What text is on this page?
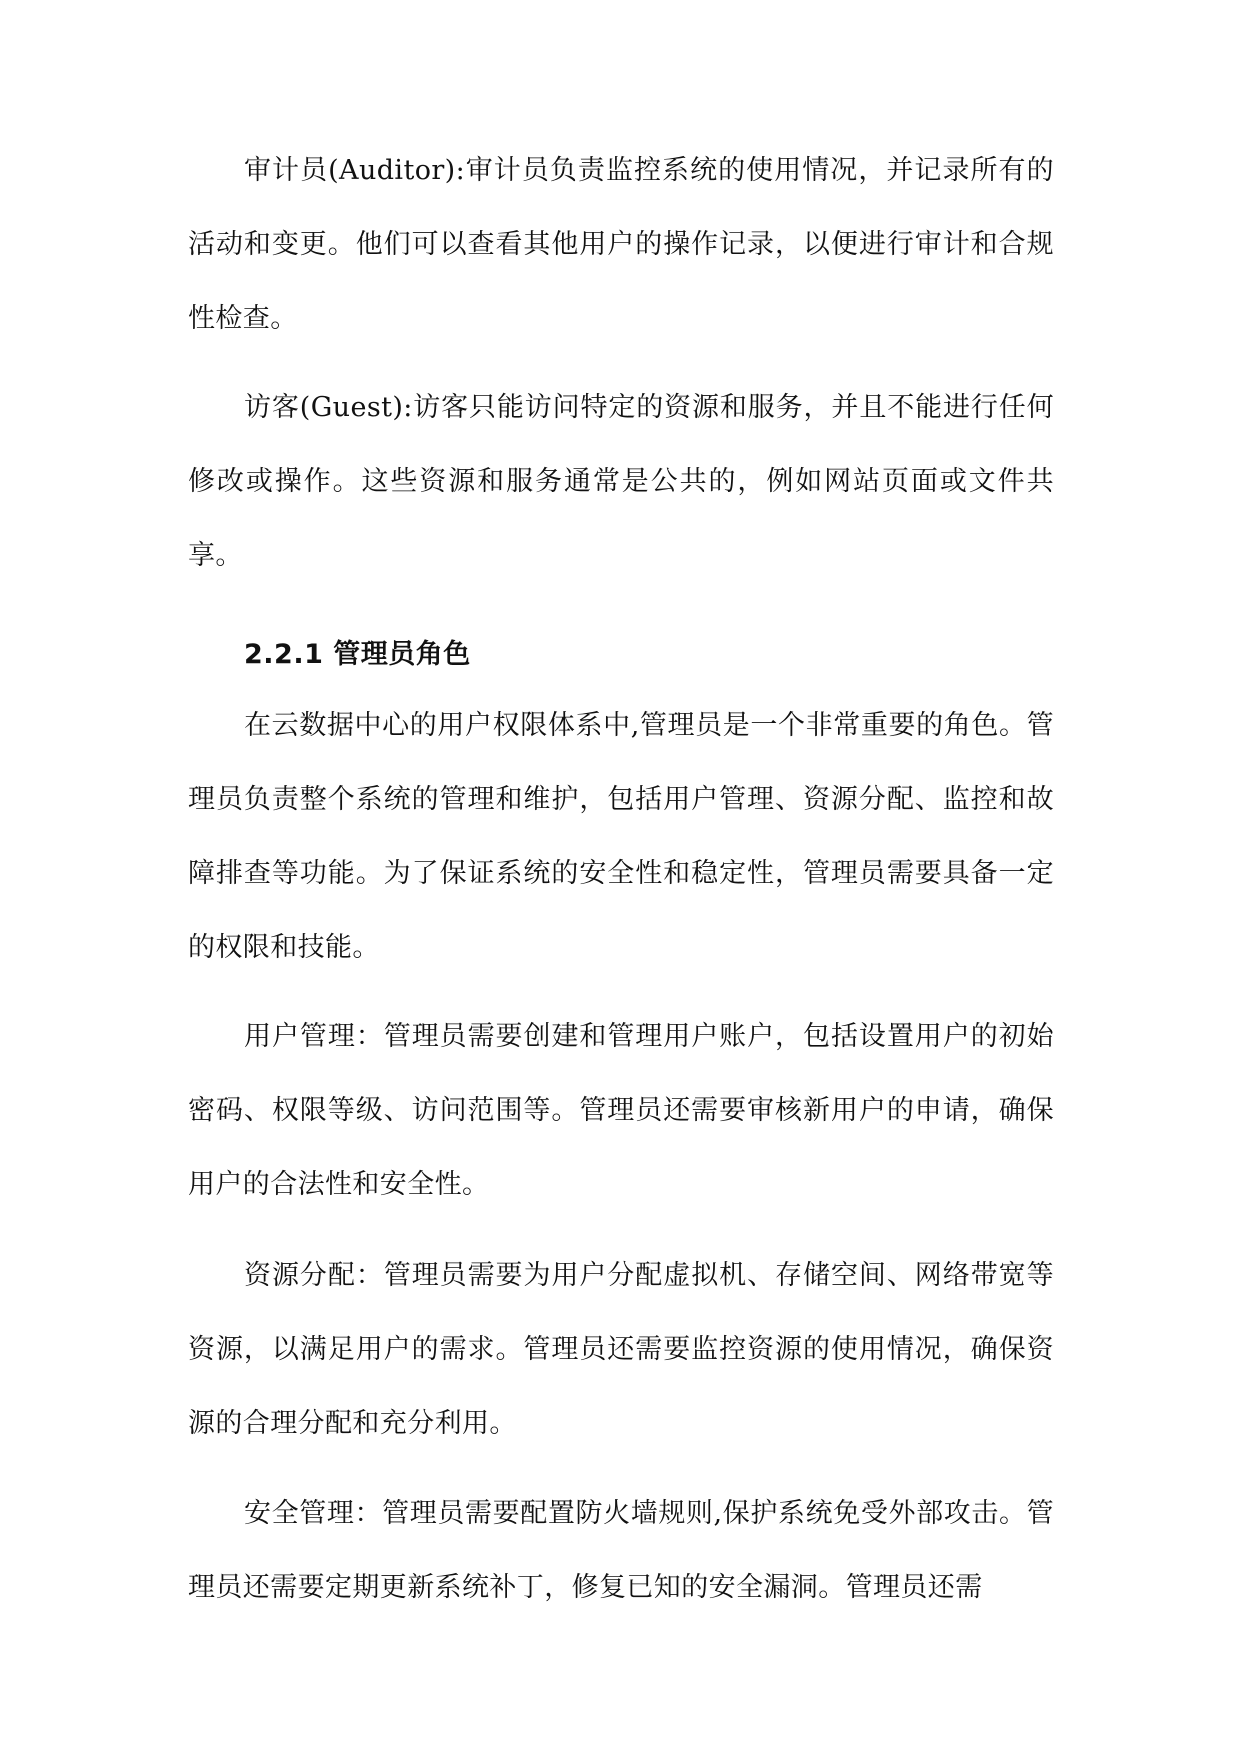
审计员(Auditor):审计员负责监控系统的使用情况，并记录所有的活动和变更。他们可以查看其他用户的操作记录，以便进行审计和合规性检查。

访客(Guest):访客只能访问特定的资源和服务，并且不能进行任何修改或操作。这些资源和服务通常是公共的，例如网站页面或文件共享。

2.2.1 管理员角色

在云数据中心的用户权限体系中,管理员是一个非常重要的角色。管理员负责整个系统的管理和维护，包括用户管理、资源分配、监控和故障排查等功能。为了保证系统的安全性和稳定性，管理员需要具备一定的权限和技能。

用户管理：管理员需要创建和管理用户账户，包括设置用户的初始密码、权限等级、访问范围等。管理员还需要审核新用户的申请，确保用户的合法性和安全性。

资源分配：管理员需要为用户分配虚拟机、存储空间、网络带宽等资源，以满足用户的需求。管理员还需要监控资源的使用情况，确保资源的合理分配和充分利用。

安全管理：管理员需要配置防火墙规则,保护系统免受外部攻击。管理员还需要定期更新系统补丁，修复已知的安全漏洞。管理员还需
